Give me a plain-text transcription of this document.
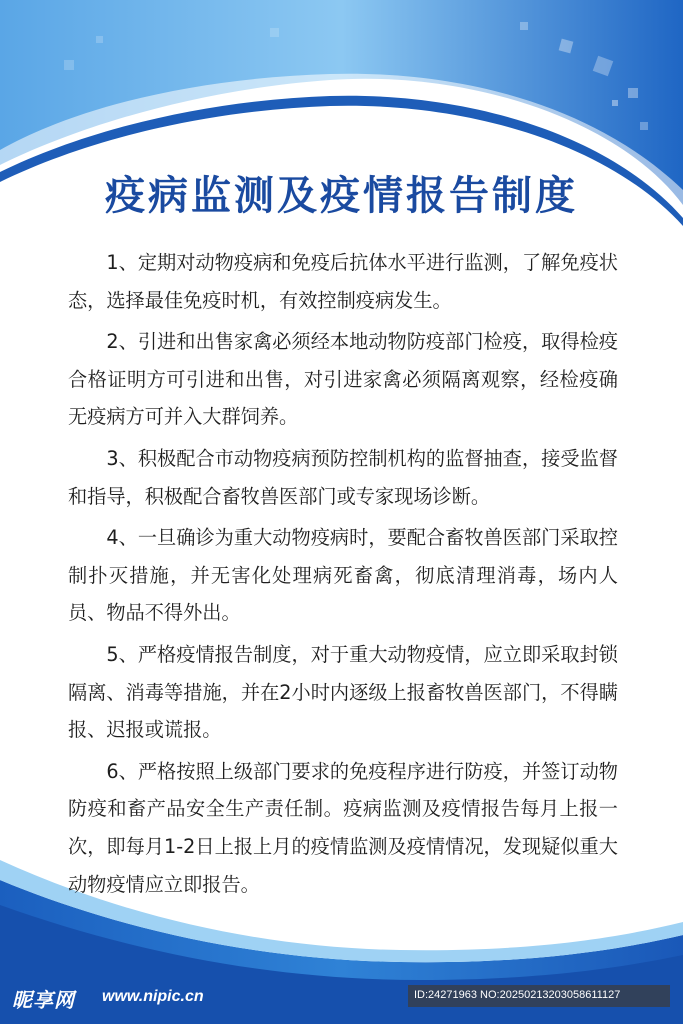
疫病监测及疫情报告制度

1、定期对动物疫病和免疫后抗体水平进行监测，了解免疫状态，选择最佳免疫时机，有效控制疫病发生。

2、引进和出售家禽必须经本地动物防疫部门检疫，取得检疫合格证明方可引进和出售，对引进家禽必须隔离观察，经检疫确无疫病方可并入大群饲养。

3、积极配合市动物疫病预防控制机构的监督抽查，接受监督和指导，积极配合畜牧兽医部门或专家现场诊断。

4、一旦确诊为重大动物疫病时，要配合畜牧兽医部门采取控制扑灭措施，并无害化处理病死畜禽，彻底清理消毒，场内人员、物品不得外出。

5、严格疫情报告制度，对于重大动物疫情，应立即采取封锁隔离、消毒等措施，并在2小时内逐级上报畜牧兽医部门，不得瞒报、迟报或谎报。

6、严格按照上级部门要求的免疫程序进行防疫，并签订动物防疫和畜产品安全生产责任制。疫病监测及疫情报告每月上报一次，即每月1-2日上报上月的疫情监测及疫情情况，发现疑似重大动物疫情应立即报告。

昵享网 www.nipic.cn	ID:24271963 NO:20250213203058611127
